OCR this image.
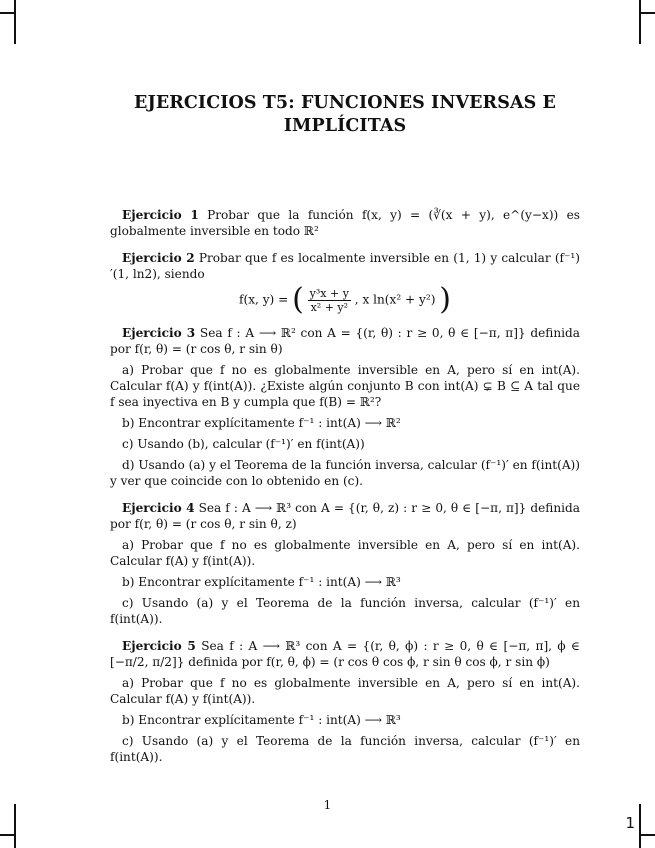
EJERCICIOS T5: FUNCIONES INVERSAS E
IMPLÍCITAS

Ejercicio 1 Probar que la función f(x, y) = (∛(x + y), e^(y−x)) es globalmente inversible en todo ℝ²

Ejercicio 2 Probar que f es localmente inversible en (1, 1) y calcular (f⁻¹)′(1, ln2), siendo

f(x, y) = ( $\frac{\text{y³x + y}}{\text{x² + y²}}$ , x ln(x² + y²) )

Ejercicio 3 Sea f : A ⟶ ℝ² con A = {(r, θ) : r ≥ 0, θ ∈ [−π, π]} definida por f(r, θ) = (r cos θ, r sin θ)

a) Probar que f no es globalmente inversible en A, pero sí en int(A). Calcular f(A) y f(int(A)). ¿Existe algún conjunto B con int(A) ⊊ B ⊆ A tal que f sea inyectiva en B y cumpla que f(B) = ℝ²?

b) Encontrar explícitamente f⁻¹ : int(A) ⟶ ℝ²

c) Usando (b), calcular (f⁻¹)′ en f(int(A))

d) Usando (a) y el Teorema de la función inversa, calcular (f⁻¹)′ en f(int(A)) y ver que coincide con lo obtenido en (c).

Ejercicio 4 Sea f : A ⟶ ℝ³ con A = {(r, θ, z) : r ≥ 0, θ ∈ [−π, π]} definida por f(r, θ) = (r cos θ, r sin θ, z)

a) Probar que f no es globalmente inversible en A, pero sí en int(A). Calcular f(A) y f(int(A)).

b) Encontrar explícitamente f⁻¹ : int(A) ⟶ ℝ³

c) Usando (a) y el Teorema de la función inversa, calcular (f⁻¹)′ en f(int(A)).

Ejercicio 5 Sea f : A ⟶ ℝ³ con A = {(r, θ, ϕ) : r ≥ 0, θ ∈ [−π, π], ϕ ∈ [−π/2, π/2]} definida por f(r, θ, ϕ) = (r cos θ cos ϕ, r sin θ cos ϕ, r sin ϕ)

a) Probar que f no es globalmente inversible en A, pero sí en int(A). Calcular f(A) y f(int(A)).

b) Encontrar explícitamente f⁻¹ : int(A) ⟶ ℝ³

c) Usando (a) y el Teorema de la función inversa, calcular (f⁻¹)′ en f(int(A)).

1
1
